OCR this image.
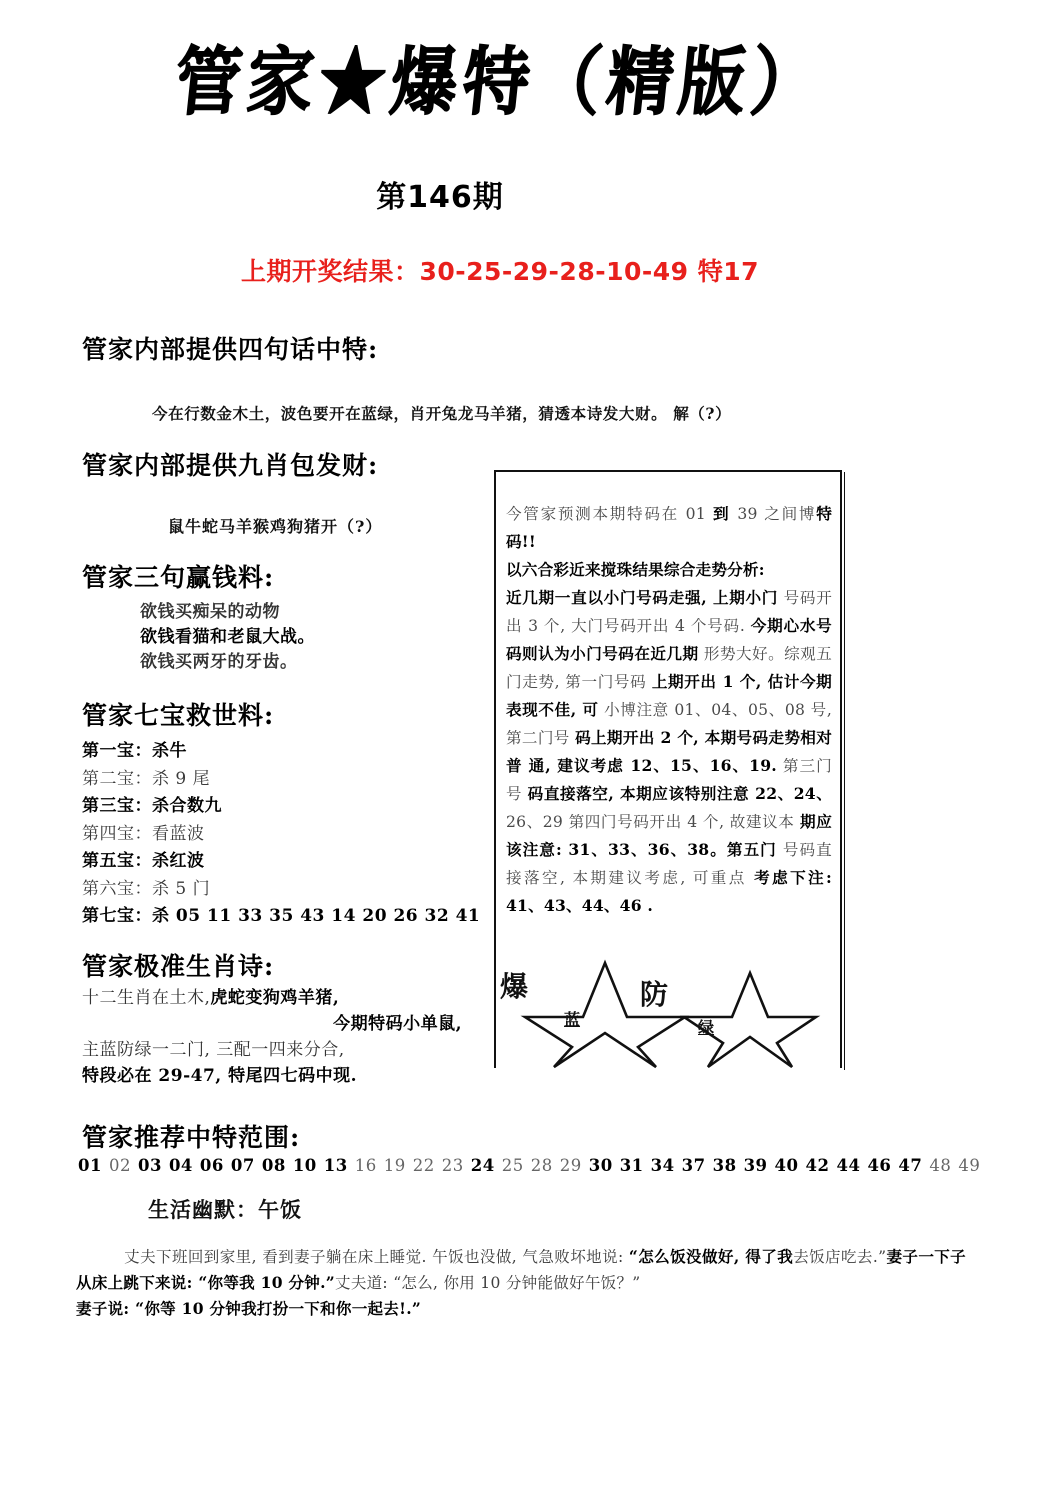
管家★爆特（精版）
第146期
上期开奖结果：30-25-29-28-10-49 特17
管家内部提供四句话中特:
今在行数金木土，波色要开在蓝绿，肖开兔龙马羊猪，猜透本诗发大财。 解（?）
管家内部提供九肖包发财:
鼠牛蛇马羊猴鸡狗猪开（?）
管家三句赢钱料:
欲钱买痴呆的动物
欲钱看猫和老鼠大战。
欲钱买两牙的牙齿。
管家七宝救世料:
第一宝：杀牛
第二宝：杀 9 尾
第三宝：杀合数九
第四宝：看蓝波
第五宝：杀红波
第六宝：杀 5 门
第七宝：杀 05 11 33 35 43 14 20 26 32 41
管家极准生肖诗:
十二生肖在土木,虎蛇变狗鸡羊猪,
今期特码小单鼠,
主蓝防绿一二门, 三配一四来分合,
特段必在 29-47, 特尾四七码中现.
管家推荐中特范围:
01 02 03 04 06 07 08 10 13 16 19 22 23 24 25 28 29 30 31 34 37 38 39 40 42 44 46 47 48 49
今管家预测本期特码在 01 到 39 之间博特码!!
以六合彩近来搅珠结果综合走势分析:
近几期一直以小门号码走强, 上期小门 号码开出 3 个, 大门号码开出 4 个号码. 今期心水号码则认为小门号码在近几期 形势大好。综观五门走势, 第一门号码 上期开出 1 个, 估计今期表现不佳, 可 小博注意 01、04、05、08 号, 第二门号 码上期开出 2 个, 本期号码走势相对普 通, 建议考虑 12、15、16、19. 第三门号 码直接落空, 本期应该特别注意 22、24、 26、29 第四门号码开出 4 个, 故建议本 期应该注意: 31、33、36、38。第五门 号码直接落空, 本期建议考虑, 可重点 考虑下注: 41、43、44、46 .
爆
蓝
防
绿
生活幽默：午饭
丈夫下班回到家里, 看到妻子躺在床上睡觉. 午饭也没做, 气急败坏地说: “怎么饭没做好, 得了我去饭店吃去.”妻子一下子从床上跳下来说: “你等我 10 分钟.”丈夫道: “怎么, 你用 10 分钟能做好午饭？”
妻子说: “你等 10 分钟我打扮一下和你一起去!.”
